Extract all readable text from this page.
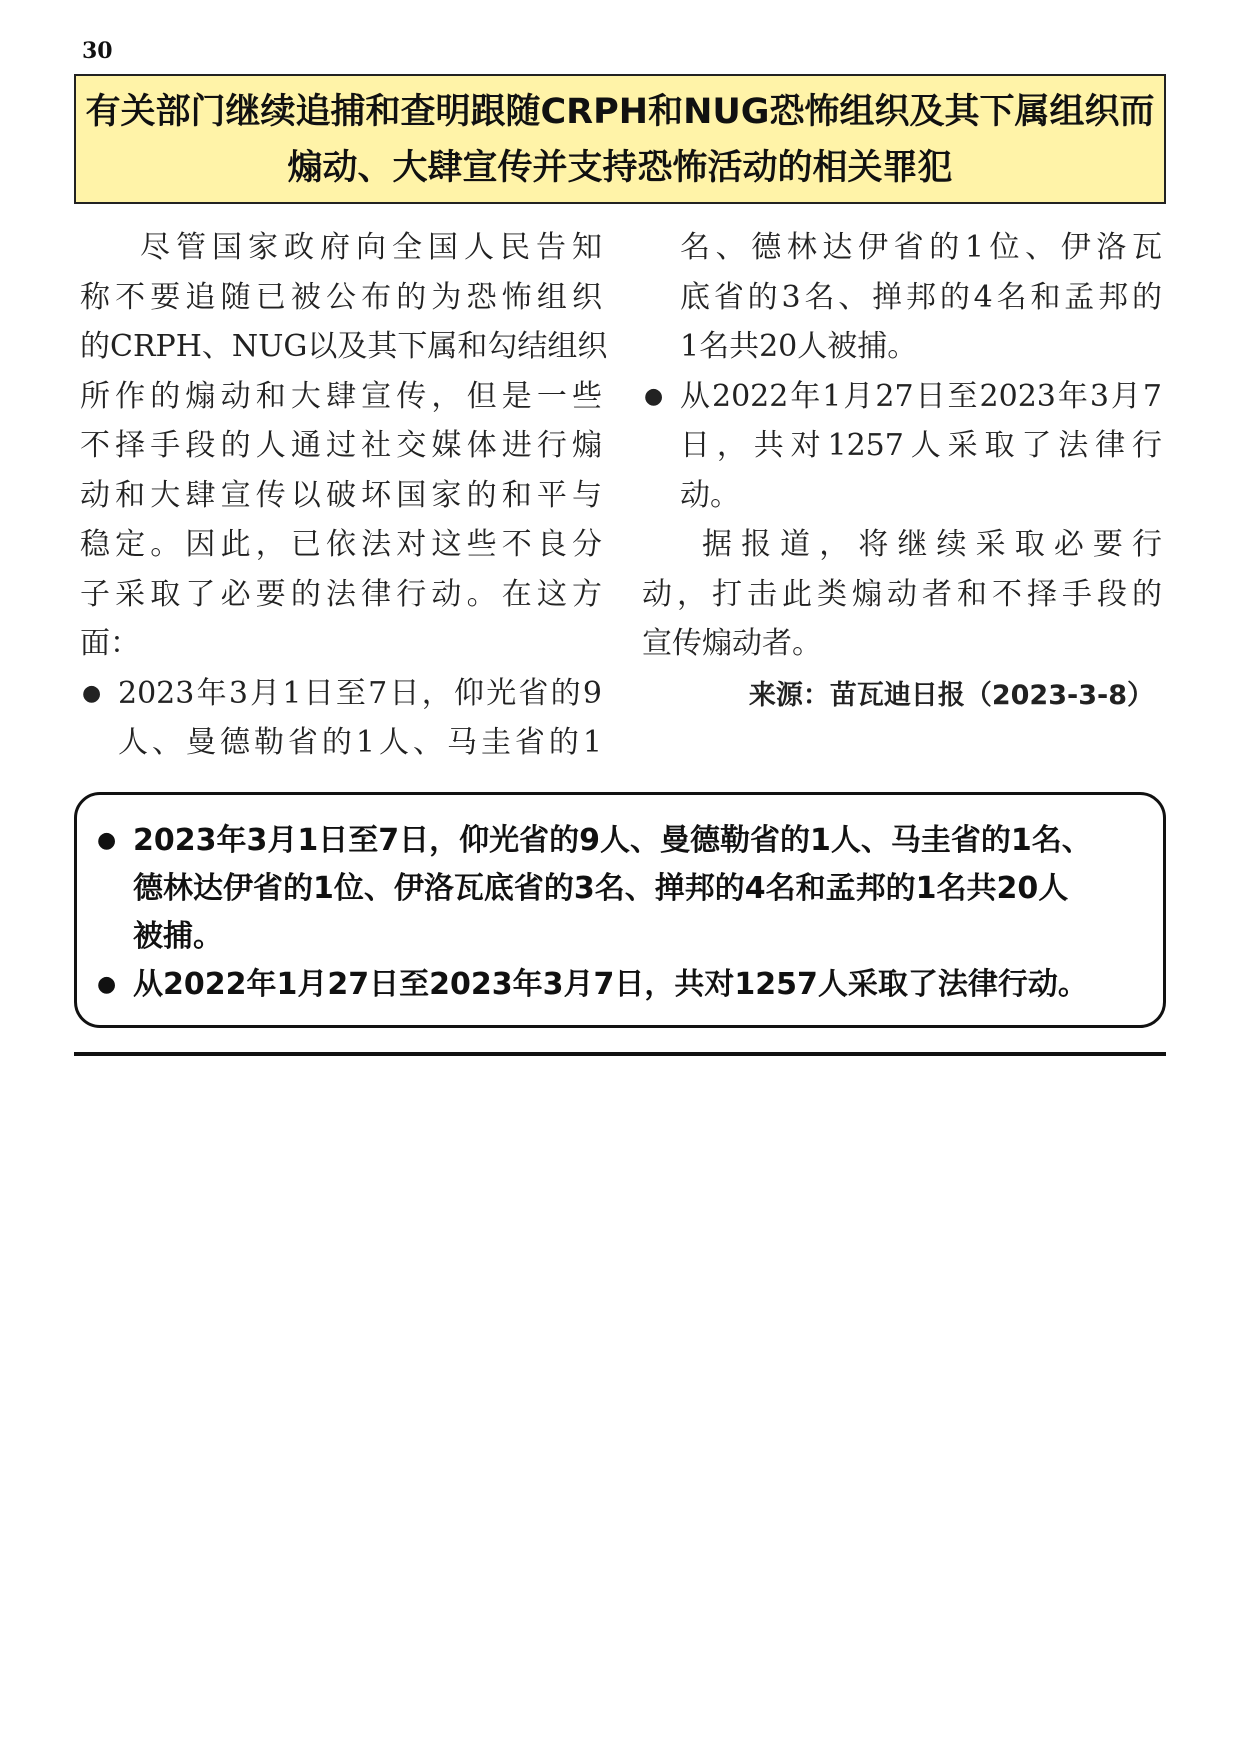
30
有关部门继续追捕和查明跟随CRPH和NUG恐怖组织及其下属组织而
煽动、大肆宣传并支持恐怖活动的相关罪犯
尽管国家政府向全国人民告知
称不要追随已被公布的为恐怖组织
的CRPH、NUG以及其下属和勾结组织
所作的煽动和大肆宣传，但是一些
不择手段的人通过社交媒体进行煽
动和大肆宣传以破坏国家的和平与
稳定。因此，已依法对这些不良分
子采取了必要的法律行动。在这方
面：
● 2023年3月1日至7日，仰光省的9
人、曼德勒省的1人、马圭省的1
名、德林达伊省的1位、伊洛瓦
底省的3名、掸邦的4名和孟邦的
1名共20人被捕。
● 从2022年1月27日至2023年3月7
日，共对1257人采取了法律行
动。
据报道，将继续采取必要行
动，打击此类煽动者和不择手段的
宣传煽动者。
来源：苗瓦迪日报（2023-3-8）
● 2023年3月1日至7日，仰光省的9人、曼德勒省的1人、马圭省的1名、
德林达伊省的1位、伊洛瓦底省的3名、掸邦的4名和孟邦的1名共20人
被捕。
● 从2022年1月27日至2023年3月7日，共对1257人采取了法律行动。
